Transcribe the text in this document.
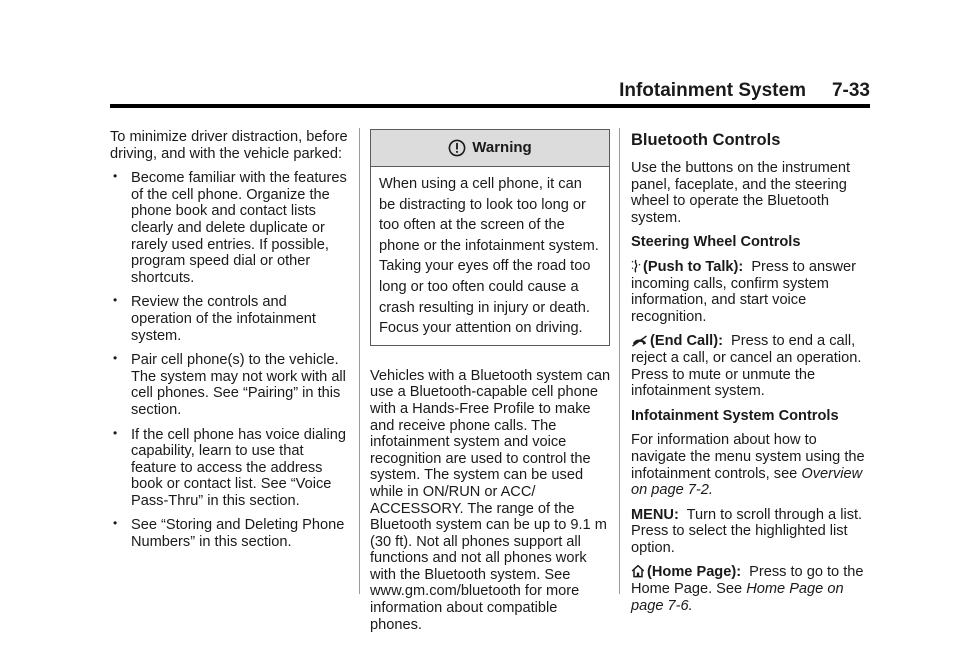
Infotainment System 7-33

To minimize driver distraction, before driving, and with the vehicle parked:

• Become familiar with the features of the cell phone. Organize the phone book and contact lists clearly and delete duplicate or rarely used entries. If possible, program speed dial or other shortcuts.
• Review the controls and operation of the infotainment system.
• Pair cell phone(s) to the vehicle. The system may not work with all cell phones. See “Pairing” in this section.
• If the cell phone has voice dialing capability, learn to use that feature to access the address book or contact list. See “Voice Pass-Thru” in this section.
• See “Storing and Deleting Phone Numbers” in this section.
Warning
When using a cell phone, it can be distracting to look too long or too often at the screen of the phone or the infotainment system. Taking your eyes off the road too long or too often could cause a crash resulting in injury or death. Focus your attention on driving.

Vehicles with a Bluetooth system can use a Bluetooth-capable cell phone with a Hands-Free Profile to make and receive phone calls. The infotainment system and voice recognition are used to control the system. The system can be used while in ON/RUN or ACC/ ACCESSORY. The range of the Bluetooth system can be up to 9.1 m (30 ft). Not all phones support all functions and not all phones work with the Bluetooth system. See www.gm.com/bluetooth for more information about compatible phones.

Bluetooth Controls

Use the buttons on the instrument panel, faceplate, and the steering wheel to operate the Bluetooth system.

Steering Wheel Controls

(Push to Talk): Press to answer incoming calls, confirm system information, and start voice recognition.

(End Call): Press to end a call, reject a call, or cancel an operation. Press to mute or unmute the infotainment system.

Infotainment System Controls

For information about how to navigate the menu system using the infotainment controls, see Overview on page 7-2.

MENU: Turn to scroll through a list. Press to select the highlighted list option.

(Home Page): Press to go to the Home Page. See Home Page on page 7-6.
